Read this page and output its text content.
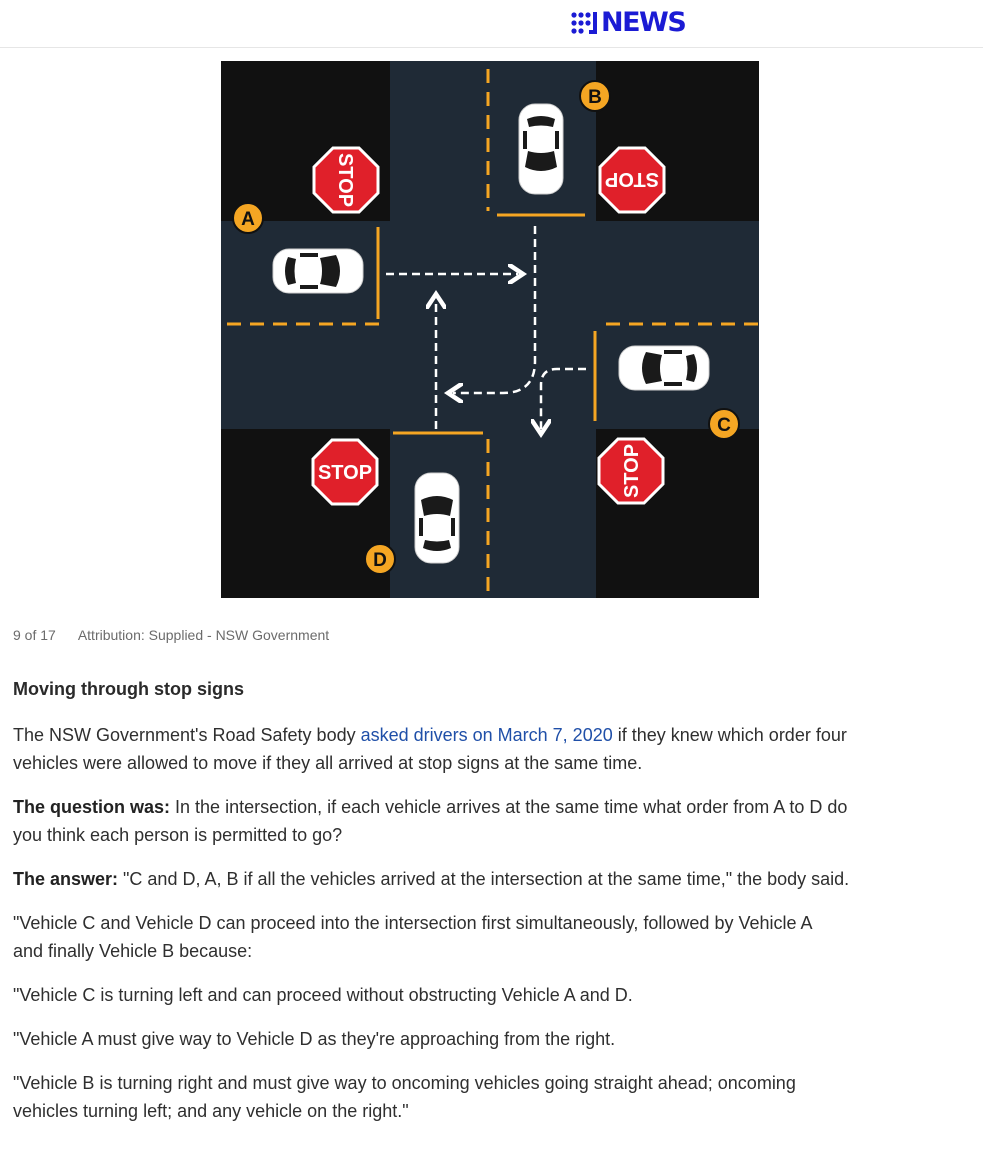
NEWS
STOP	STOP
STOP	STOP
A
B
C
D
9 of 17 Attribution: Supplied - NSW Government
Moving through stop signs

The NSW Government's Road Safety body asked drivers on March 7, 2020 if they knew which order four
vehicles were allowed to move if they all arrived at stop signs at the same time.

The question was: In the intersection, if each vehicle arrives at the same time what order from A to D do
you think each person is permitted to go?

The answer: "C and D, A, B if all the vehicles arrived at the intersection at the same time," the body said.

"Vehicle C and Vehicle D can proceed into the intersection first simultaneously, followed by Vehicle A
and finally Vehicle B because:

"Vehicle C is turning left and can proceed without obstructing Vehicle A and D.

"Vehicle A must give way to Vehicle D as they're approaching from the right.

"Vehicle B is turning right and must give way to oncoming vehicles going straight ahead; oncoming
vehicles turning left; and any vehicle on the right."
